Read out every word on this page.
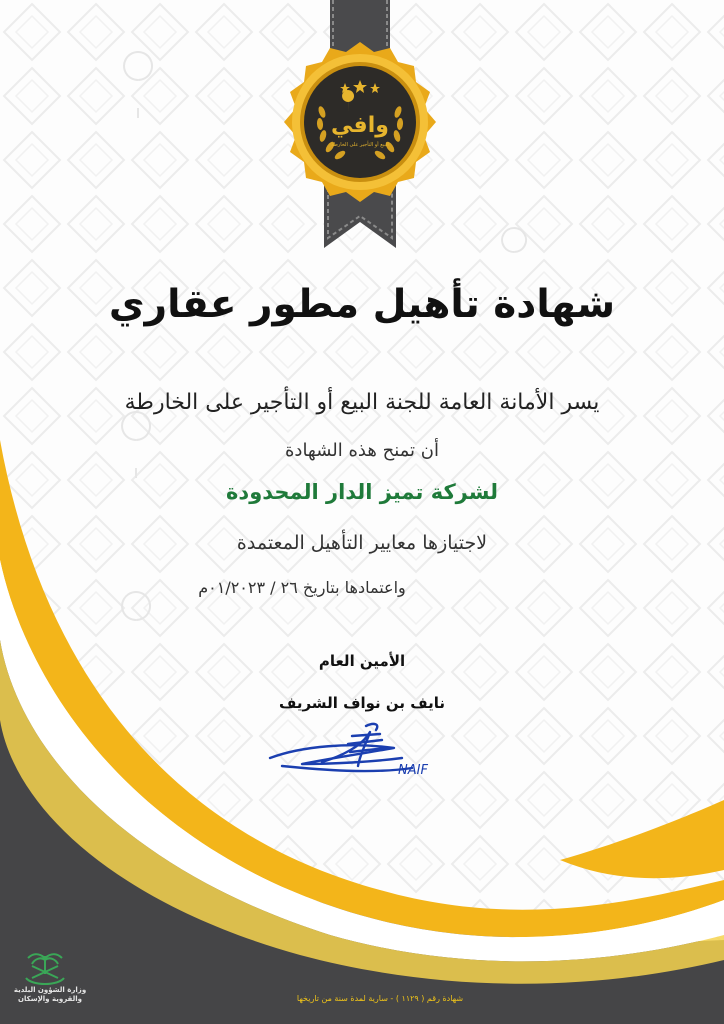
وافي
البيع أو التأجير على الخارطة
شهادة تأهيل مطور عقاري
يسر الأمانة العامة للجنة البيع أو التأجير على الخارطة
أن تمنح هذه الشهادة
لشركة تميز الدار المحدودة
لاجتيازها معايير التأهيل المعتمدة
واعتمادها بتاريخ ٢٦ / ٠١/٢٠٢٣م
الأمين العام
نايف بن نواف الشريف
NAIF
وزارة الشؤون البلدية والقروية والإسكان	شهادة رقم ( ١١٢٩ ) - سارية لمدة سنة من تاريخها
